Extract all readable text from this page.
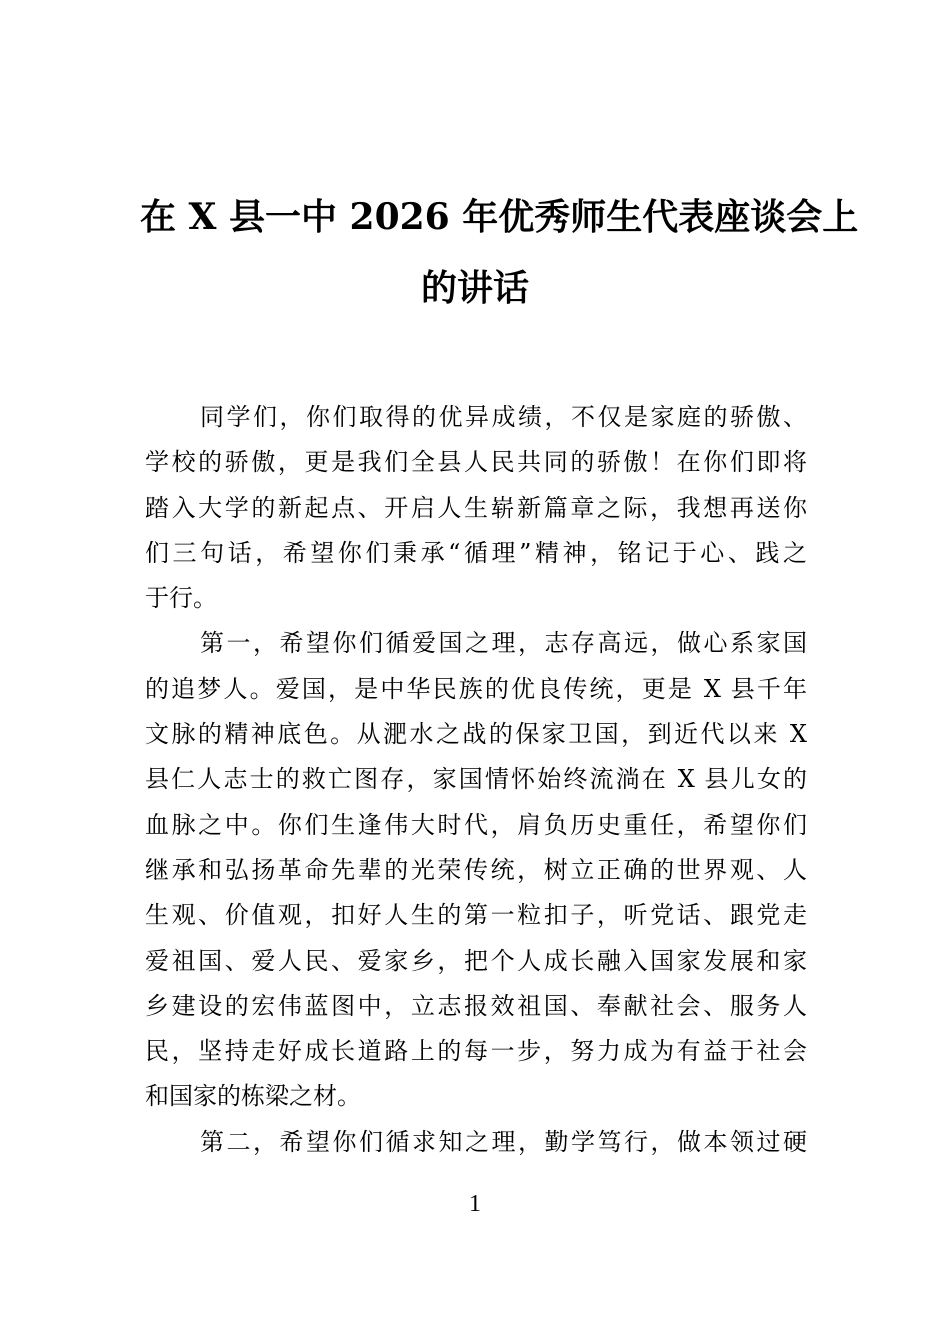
在 X 县一中 2026 年优秀师生代表座谈会上
的讲话
同学们，你们取得的优异成绩，不仅是家庭的骄傲、
学校的骄傲，更是我们全县人民共同的骄傲！在你们即将
踏入大学的新起点、开启人生崭新篇章之际，我想再送你
们三句话，希望你们秉承“循理”精神，铭记于心、践之
于行。
第一，希望你们循爱国之理，志存高远，做心系家国
的追梦人。爱国，是中华民族的优良传统，更是 X 县千年
文脉的精神底色。从淝水之战的保家卫国，到近代以来 X
县仁人志士的救亡图存，家国情怀始终流淌在 X 县儿女的
血脉之中。你们生逢伟大时代，肩负历史重任，希望你们
继承和弘扬革命先辈的光荣传统，树立正确的世界观、人
生观、价值观，扣好人生的第一粒扣子，听党话、跟党走
爱祖国、爱人民、爱家乡，把个人成长融入国家发展和家
乡建设的宏伟蓝图中，立志报效祖国、奉献社会、服务人
民，坚持走好成长道路上的每一步，努力成为有益于社会
和国家的栋梁之材。
第二，希望你们循求知之理，勤学笃行，做本领过硬
1
